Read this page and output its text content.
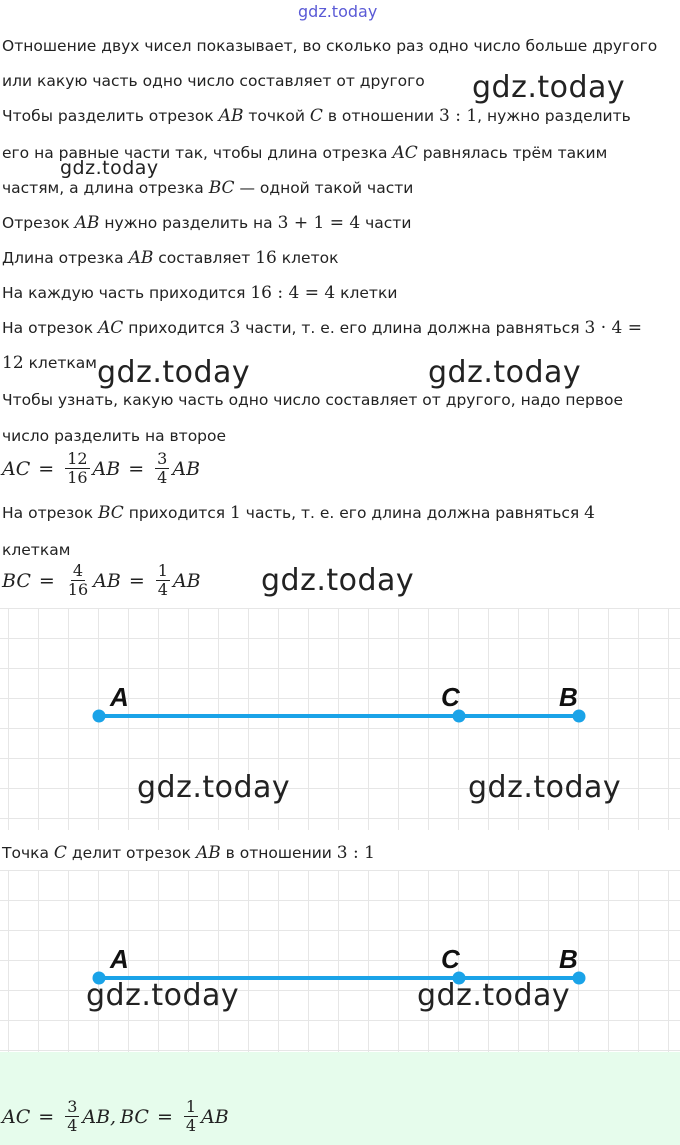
gdz.today
Отношение двух чисел показывает, во сколько раз одно число больше другого
или какую часть одно число составляет от другого
Чтобы разделить отрезок AB точкой C в отношении 3 : 1, нужно разделить
его на равные части так, чтобы длина отрезка AC равнялась трём таким
частям, а длина отрезка BC — одной такой части
Отрезок AB нужно разделить на 3 + 1 = 4 части
Длина отрезка AB составляет 16 клеток
На каждую часть приходится 16 : 4 = 4 клетки
На отрезок AC приходится 3 части, т. е. его длина должна равняться 3 · 4 =
12 клеткам
Чтобы узнать, какую часть одно число составляет от другого, надо первое
число разделить на второе
AC = $\frac{12}{16}$ AB = $\frac{3}{4}$ AB
На отрезок BC приходится 1 часть, т. е. его длина должна равняться 4
клеткам
BC = $\frac{4}{16}$ AB = $\frac{1}{4}$ AB
A	C	B
Точка C делит отрезок AB в отношении 3 : 1
A	C	B
AC = $\frac{3}{4}$ AB, BC = $\frac{1}{4}$ AB
gdz.today
gdz.today
gdz.today	gdz.today
gdz.today
gdz.today	gdz.today
gdz.today	gdz.today
